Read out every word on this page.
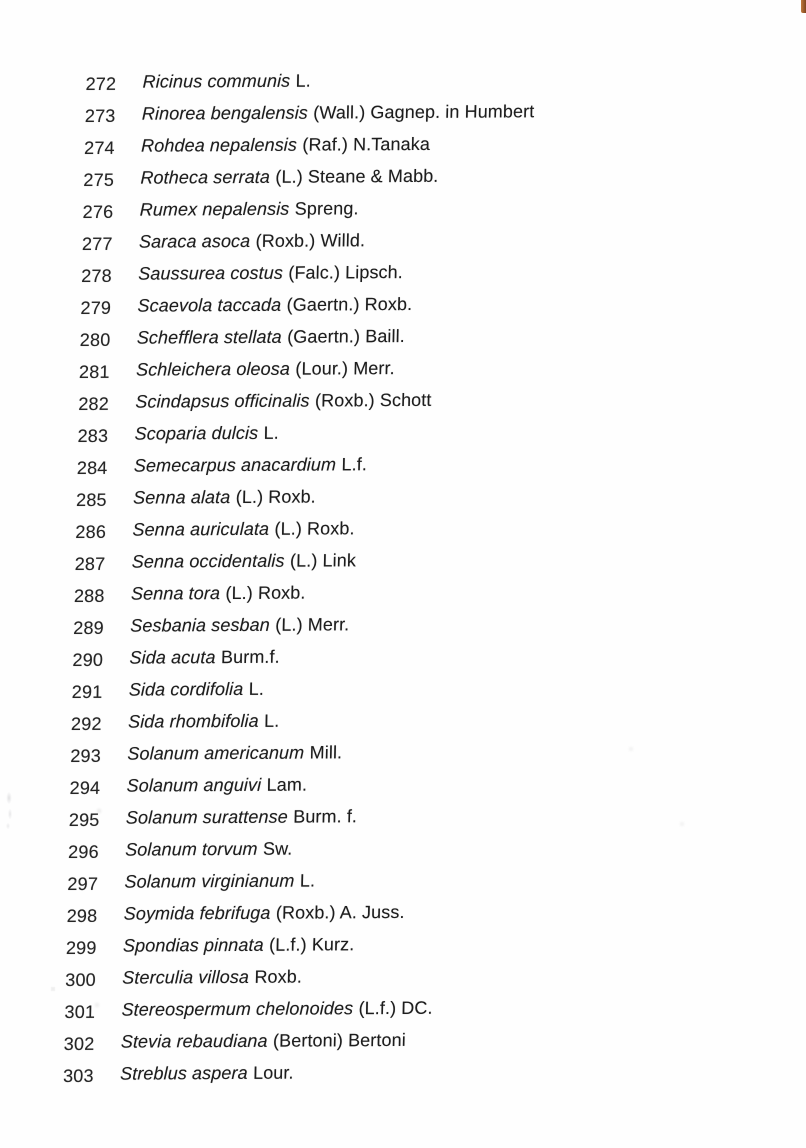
272	Ricinus communis L.
273	Rinorea bengalensis (Wall.) Gagnep. in Humbert
274	Rohdea nepalensis (Raf.) N.Tanaka
275	Rotheca serrata (L.) Steane & Mabb.
276	Rumex nepalensis Spreng.
277	Saraca asoca (Roxb.) Willd.
278	Saussurea costus (Falc.) Lipsch.
279	Scaevola taccada (Gaertn.) Roxb.
280	Schefflera stellata (Gaertn.) Baill.
281	Schleichera oleosa (Lour.) Merr.
282	Scindapsus officinalis (Roxb.) Schott
283	Scoparia dulcis L.
284	Semecarpus anacardium L.f.
285	Senna alata (L.) Roxb.
286	Senna auriculata (L.) Roxb.
287	Senna occidentalis (L.) Link
288	Senna tora (L.) Roxb.
289	Sesbania sesban (L.) Merr.
290	Sida acuta Burm.f.
291	Sida cordifolia L.
292	Sida rhombifolia L.
293	Solanum americanum Mill.
294	Solanum anguivi Lam.
295	Solanum surattense Burm. f.
296	Solanum torvum Sw.
297	Solanum virginianum L.
298	Soymida febrifuga (Roxb.) A. Juss.
299	Spondias pinnata (L.f.) Kurz.
300	Sterculia villosa Roxb.
301	Stereospermum chelonoides (L.f.) DC.
302	Stevia rebaudiana (Bertoni) Bertoni
303	Streblus aspera Lour.
